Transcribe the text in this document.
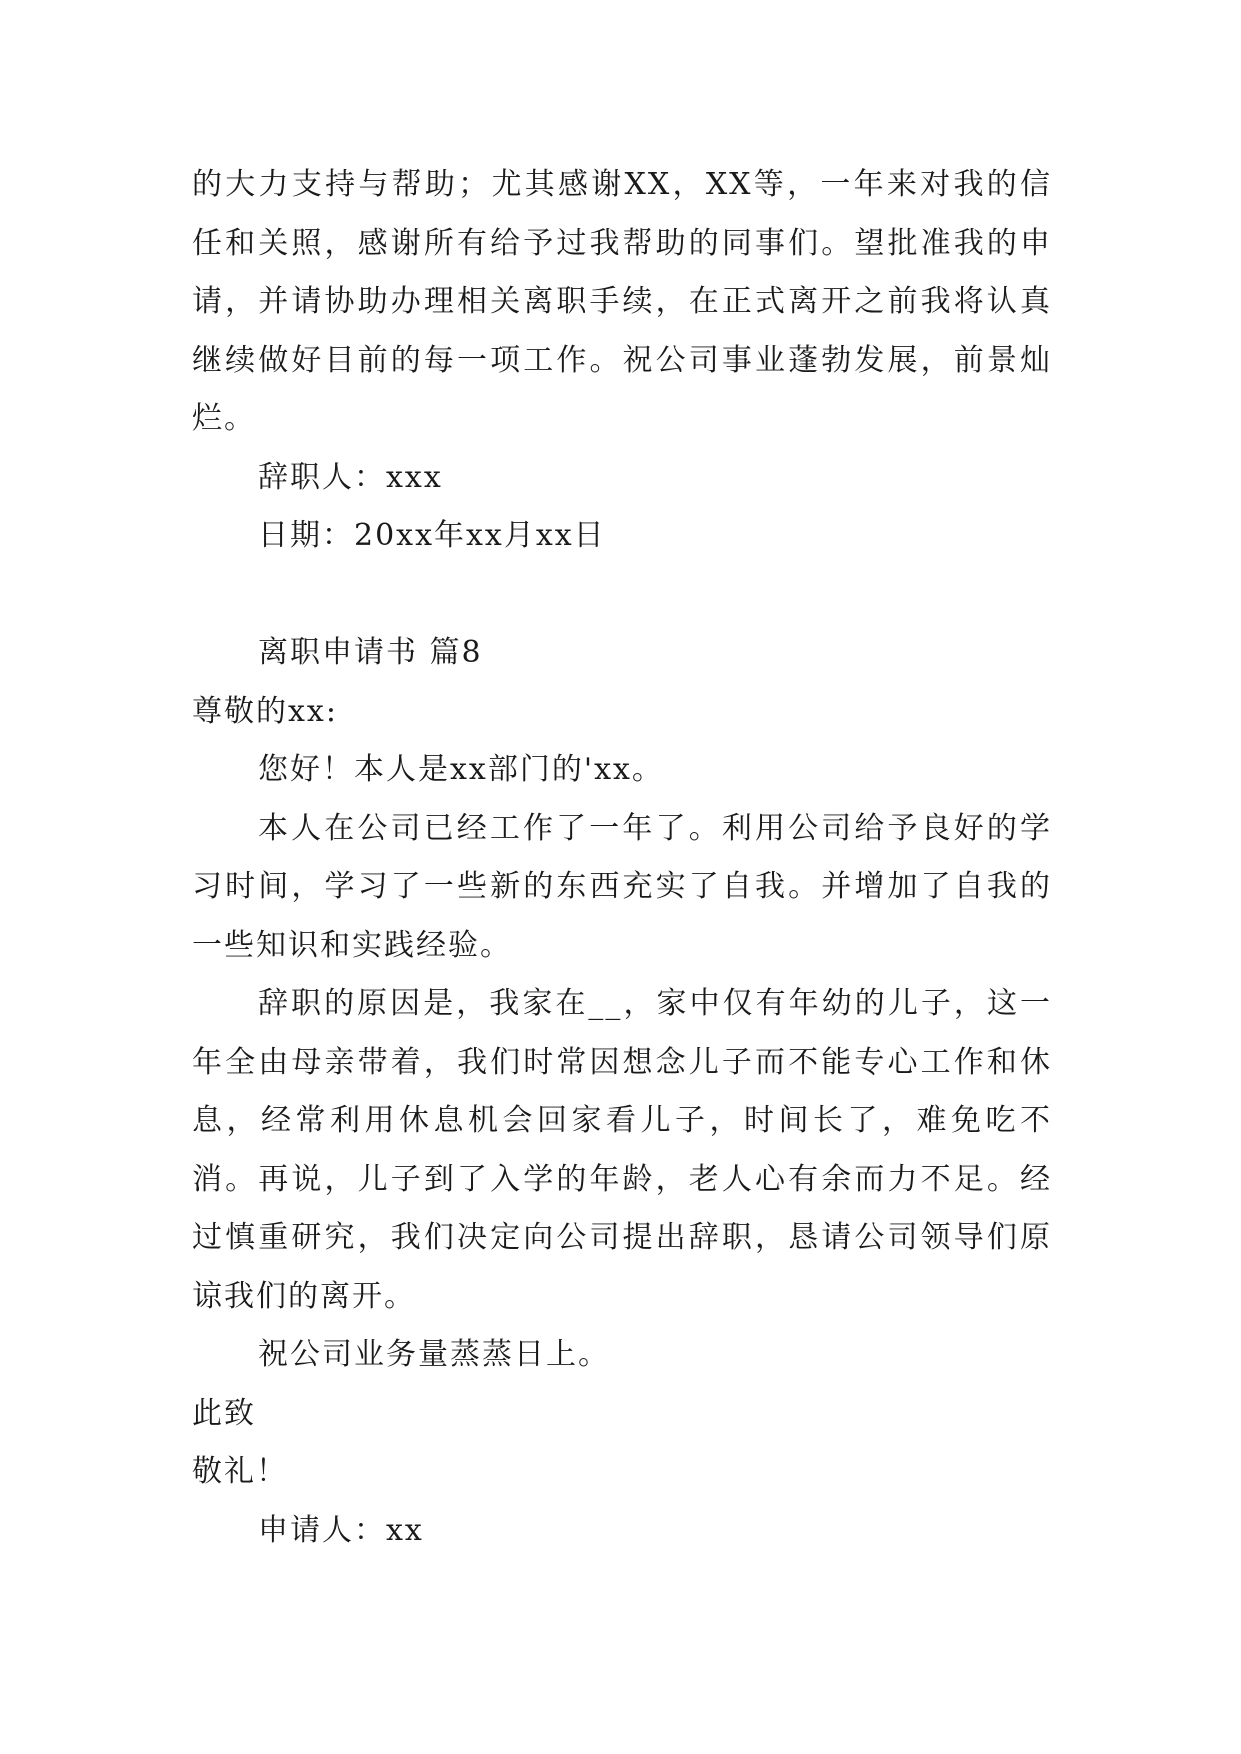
的大力支持与帮助；尤其感谢XX，XX等，一年来对我的信任和关照，感谢所有给予过我帮助的同事们。望批准我的申请，并请协助办理相关离职手续，在正式离开之前我将认真继续做好目前的每一项工作。祝公司事业蓬勃发展，前景灿烂。

辞职人：xxx

日期：20xx年xx月xx日

离职申请书 篇8

尊敬的xx:

您好！本人是xx部门的'xx。

本人在公司已经工作了一年了。利用公司给予良好的学习时间，学习了一些新的东西充实了自我。并增加了自我的一些知识和实践经验。

辞职的原因是，我家在__，家中仅有年幼的儿子，这一年全由母亲带着，我们时常因想念儿子而不能专心工作和休息，经常利用休息机会回家看儿子，时间长了，难免吃不消。再说，儿子到了入学的年龄，老人心有余而力不足。经过慎重研究，我们决定向公司提出辞职，恳请公司领导们原谅我们的离开。

祝公司业务量蒸蒸日上。

此致

敬礼！

申请人：xx
